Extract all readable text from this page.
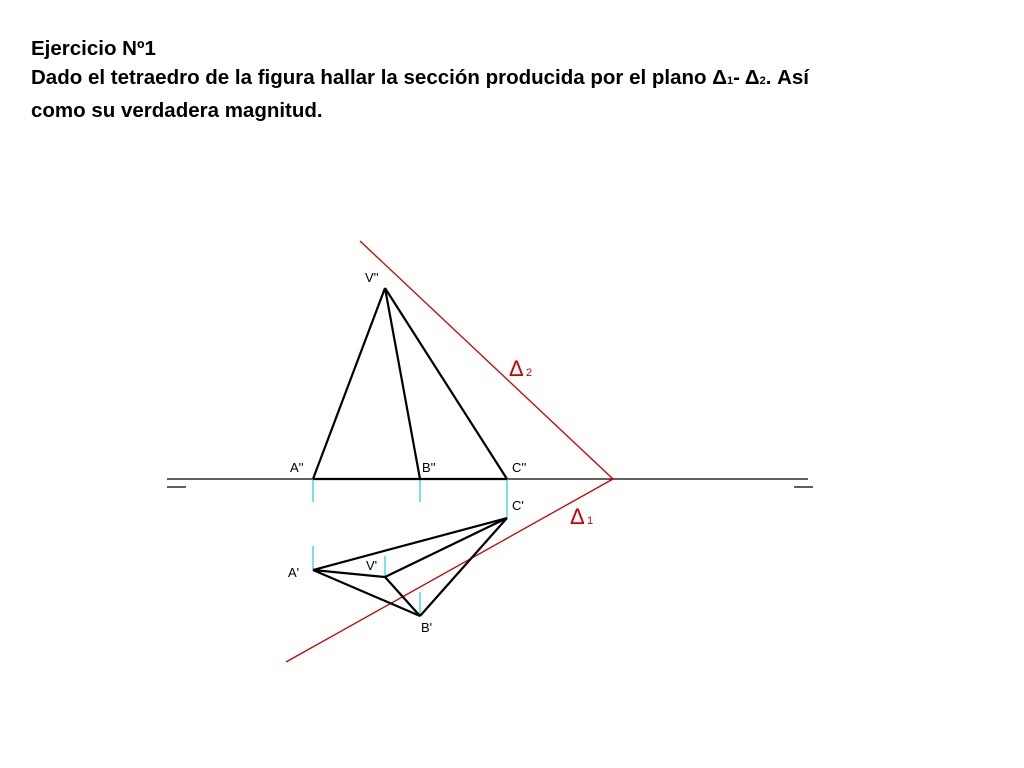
Ejercicio Nº1
Dado el tetraedro de la figura hallar la sección producida por el plano Δ1- Δ2. Así
como su verdadera magnitud.
V''
A''	B''	C''
C'
A'	V'
B'
Δ 2
Δ 1
